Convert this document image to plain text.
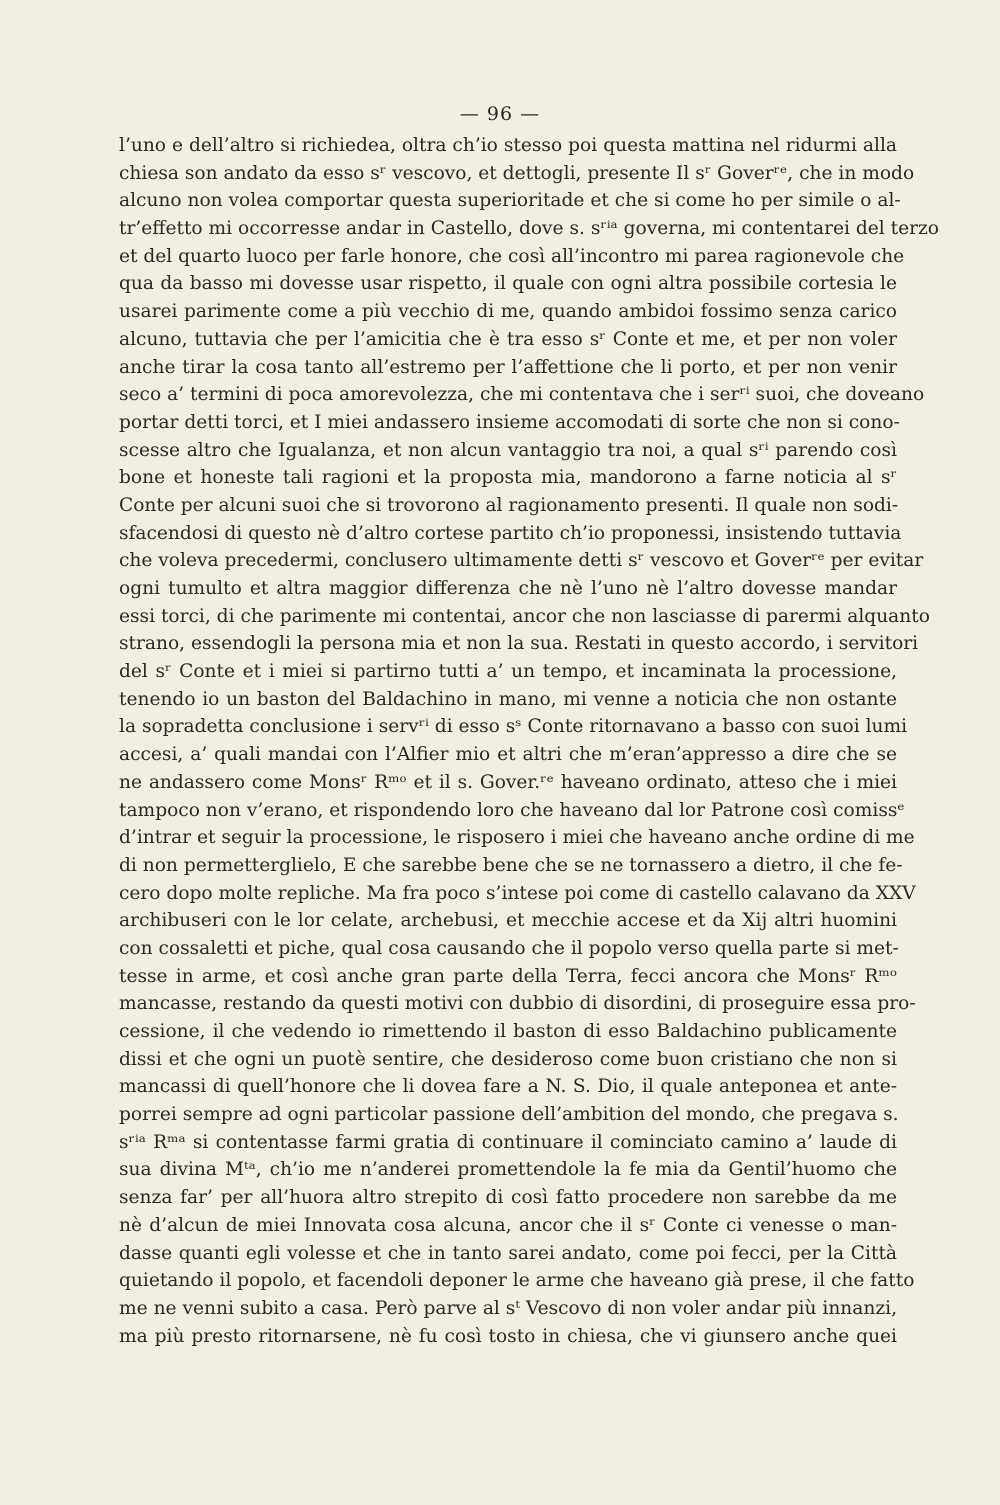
— 96 —
l’uno e dell’altro si richiedea, oltra ch’io stesso poi questa mattina nel ridurmi alla
chiesa son andato da esso sʳ vescovo, et dettogli, presente Il sʳ Goverʳᵉ, che in modo
alcuno non volea comportar questa superioritade et che si come ho per simile o al-
tr’effetto mi occorresse andar in Castello, dove s. sʳⁱᵃ governa, mi contentarei del terzo
et del quarto luoco per farle honore, che così all’incontro mi parea ragionevole che
qua da basso mi dovesse usar rispetto, il quale con ogni altra possibile cortesia le
usarei parimente come a più vecchio di me, quando ambidoi fossimo senza carico
alcuno, tuttavia che per l’amicitia che è tra esso sʳ Conte et me, et per non voler
anche tirar la cosa tanto all’estremo per l’affettione che li porto, et per non venir
seco a’ termini di poca amorevolezza, che mi contentava che i serʳⁱ suoi, che doveano
portar detti torci, et I miei andassero insieme accomodati di sorte che non si cono-
scesse altro che Igualanza, et non alcun vantaggio tra noi, a qual sʳⁱ parendo così
bone et honeste tali ragioni et la proposta mia, mandorono a farne noticia al sʳ
Conte per alcuni suoi che si trovorono al ragionamento presenti. Il quale non sodi-
sfacendosi di questo nè d’altro cortese partito ch’io proponessi, insistendo tuttavia
che voleva precedermi, conclusero ultimamente detti sʳ vescovo et Goverʳᵉ per evitar
ogni tumulto et altra maggior differenza che nè l’uno nè l’altro dovesse mandar
essi torci, di che parimente mi contentai, ancor che non lasciasse di parermi alquanto
strano, essendogli la persona mia et non la sua. Restati in questo accordo, i servitori
del sʳ Conte et i miei si partirno tutti a’ un tempo, et incaminata la processione,
tenendo io un baston del Baldachino in mano, mi venne a noticia che non ostante
la sopradetta conclusione i servʳⁱ di esso sˢ Conte ritornavano a basso con suoi lumi
accesi, a’ quali mandai con l’Alfier mio et altri che m’eran’appresso a dire che se
ne andassero come Monsʳ Rᵐᵒ et il s. Gover.ʳᵉ haveano ordinato, atteso che i miei
tampoco non v’erano, et rispondendo loro che haveano dal lor Patrone così comissᵉ
d’intrar et seguir la processione, le risposero i miei che haveano anche ordine di me
di non permetterglielo, E che sarebbe bene che se ne tornassero a dietro, il che fe-
cero dopo molte repliche. Ma fra poco s’intese poi come di castello calavano da XXV
archibuseri con le lor celate, archebusi, et mecchie accese et da Xij altri huomini
con cossaletti et piche, qual cosa causando che il popolo verso quella parte si met-
tesse in arme, et così anche gran parte della Terra, fecci ancora che Monsʳ Rᵐᵒ
mancasse, restando da questi motivi con dubbio di disordini, di proseguire essa pro-
cessione, il che vedendo io rimettendo il baston di esso Baldachino publicamente
dissi et che ogni un puotè sentire, che desideroso come buon cristiano che non si
mancassi di quell’honore che li dovea fare a N. S. Dio, il quale anteponea et ante-
porrei sempre ad ogni particolar passione dell’ambition del mondo, che pregava s.
sʳⁱᵃ Rᵐᵃ si contentasse farmi gratia di continuare il cominciato camino a’ laude di
sua divina Mᵗᵃ, ch’io me n’anderei promettendole la fe mia da Gentil’huomo che
senza far’ per all’huora altro strepito di così fatto procedere non sarebbe da me
nè d’alcun de miei Innovata cosa alcuna, ancor che il sʳ Conte ci venesse o man-
dasse quanti egli volesse et che in tanto sarei andato, come poi fecci, per la Città
quietando il popolo, et facendoli deponer le arme che haveano già prese, il che fatto
me ne venni subito a casa. Però parve al sᵗ Vescovo di non voler andar più innanzi,
ma più presto ritornarsene, nè fu così tosto in chiesa, che vi giunsero anche quei
